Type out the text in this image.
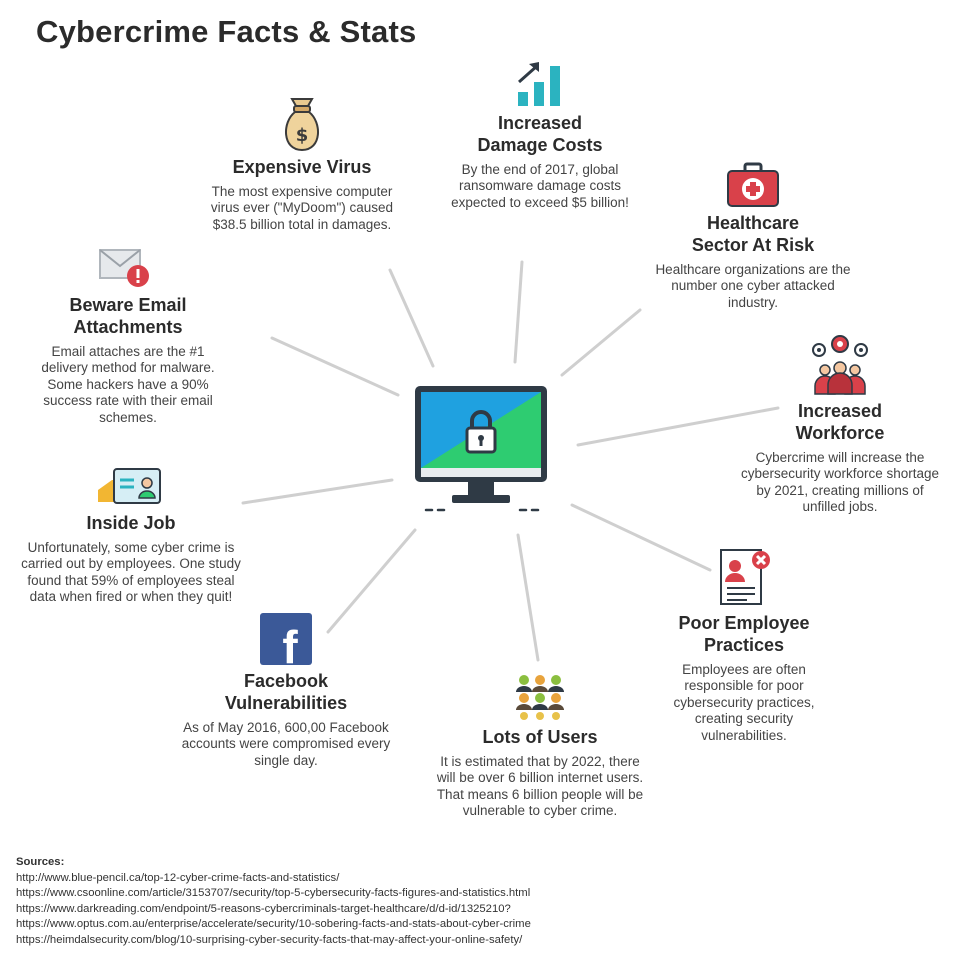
Cybercrime Facts & Stats
$
Expensive Virus

The most expensive computer virus ever ("MyDoom") caused $38.5 billion total in damages.

Increased
Damage Costs

By the end of 2017, global ransomware damage costs expected to exceed $5 billion!

Healthcare
Sector At Risk

Healthcare organizations are the number one cyber attacked industry.

Increased
Workforce

Cybercrime will increase the cybersecurity workforce shortage by 2021, creating millions of unfilled jobs.

Poor Employee
Practices

Employees are often responsible for poor cybersecurity practices, creating security vulnerabilities.

Lots of Users

It is estimated that by 2022, there will be over 6 billion internet users. That means 6 billion people will be vulnerable to cyber crime.

f
Facebook
Vulnerabilities

As of May 2016, 600,00 Facebook accounts were compromised every single day.

Inside Job

Unfortunately, some cyber crime is carried out by employees. One study found that 59% of employees steal data when fired or when they quit!

Beware Email
Attachments

Email attaches are the #1 delivery method for malware. Some hackers have a 90% success rate with their email schemes.

Sources:
http://www.blue-pencil.ca/top-12-cyber-crime-facts-and-statistics/
https://www.csoonline.com/article/3153707/security/top-5-cybersecurity-facts-figures-and-statistics.html
https://www.darkreading.com/endpoint/5-reasons-cybercriminals-target-healthcare/d/d-id/1325210?
https://www.optus.com.au/enterprise/accelerate/security/10-sobering-facts-and-stats-about-cyber-crime
https://heimdalsecurity.com/blog/10-surprising-cyber-security-facts-that-may-affect-your-online-safety/
